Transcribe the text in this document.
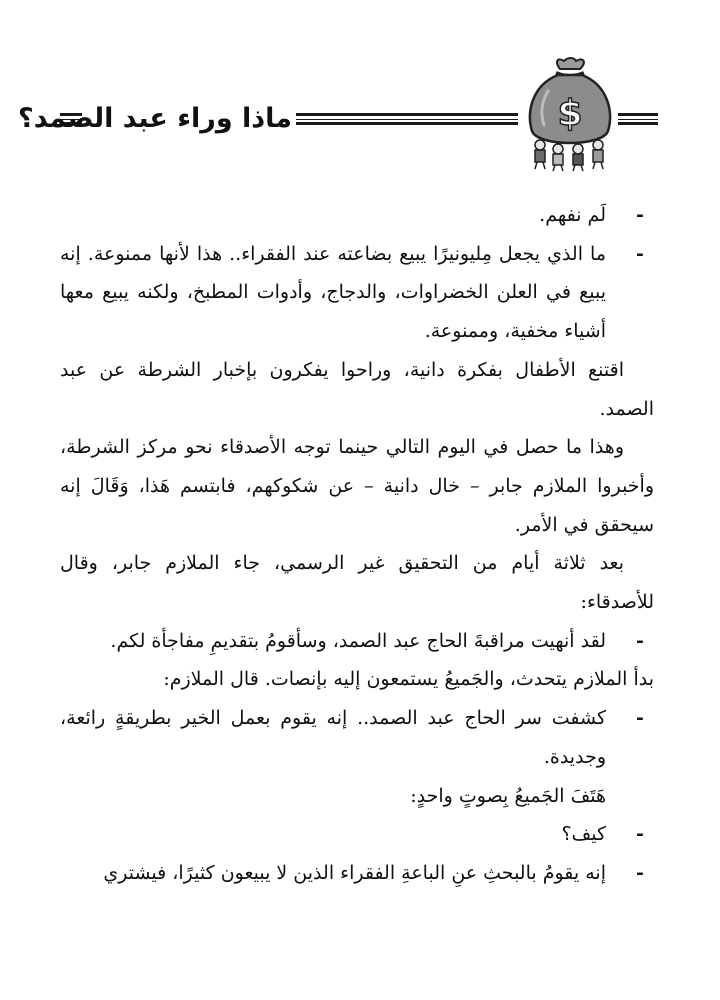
ماذا وراء عبد الصمد؟	$

-
لَم نفهم.

-
ما الذي يجعل مِليونيرًا يبيع بضاعته عند الفقراء.. هذا لأنها ممنوعة. إنه يبيع في العلن الخضراوات، والدجاج، وأدوات المطبخ، ولكنه يبيع معها أشياء مخفية، وممنوعة.

اقتنع الأطفال بفكرة دانية، وراحوا يفكرون بإخبار الشرطة عن عبد الصمد.

وهذا ما حصل في اليوم التالي حينما توجه الأصدقاء نحو مركز الشرطة، وأخبروا الملازم جابر – خال دانية – عن شكوكهم، فابتسم هَذا، وَقَالَ إنه سيحقق في الأمر.

بعد ثلاثة أيام من التحقيق غير الرسمي، جاء الملازم جابر، وقال للأصدقاء:

-
لقد أنهيت مراقبةَ الحاج عبد الصمد، وسأقومُ بتقديمِ مفاجأة لكم.

بدأ الملازم يتحدث، والجَميعُ يستمعون إليه بإنصات. قال الملازم:

-
كشفت سر الحاج عبد الصمد.. إنه يقوم بعمل الخير بطريقةٍ رائعة، وجديدة.

هَتَفَ الجَميعُ بِصوتٍ واحدٍ:

-
كيف؟

-
إنه يقومُ بالبحثِ عنِ الباعةِ الفقراء الذين لا يبيعون كثيرًا، فيشتري
